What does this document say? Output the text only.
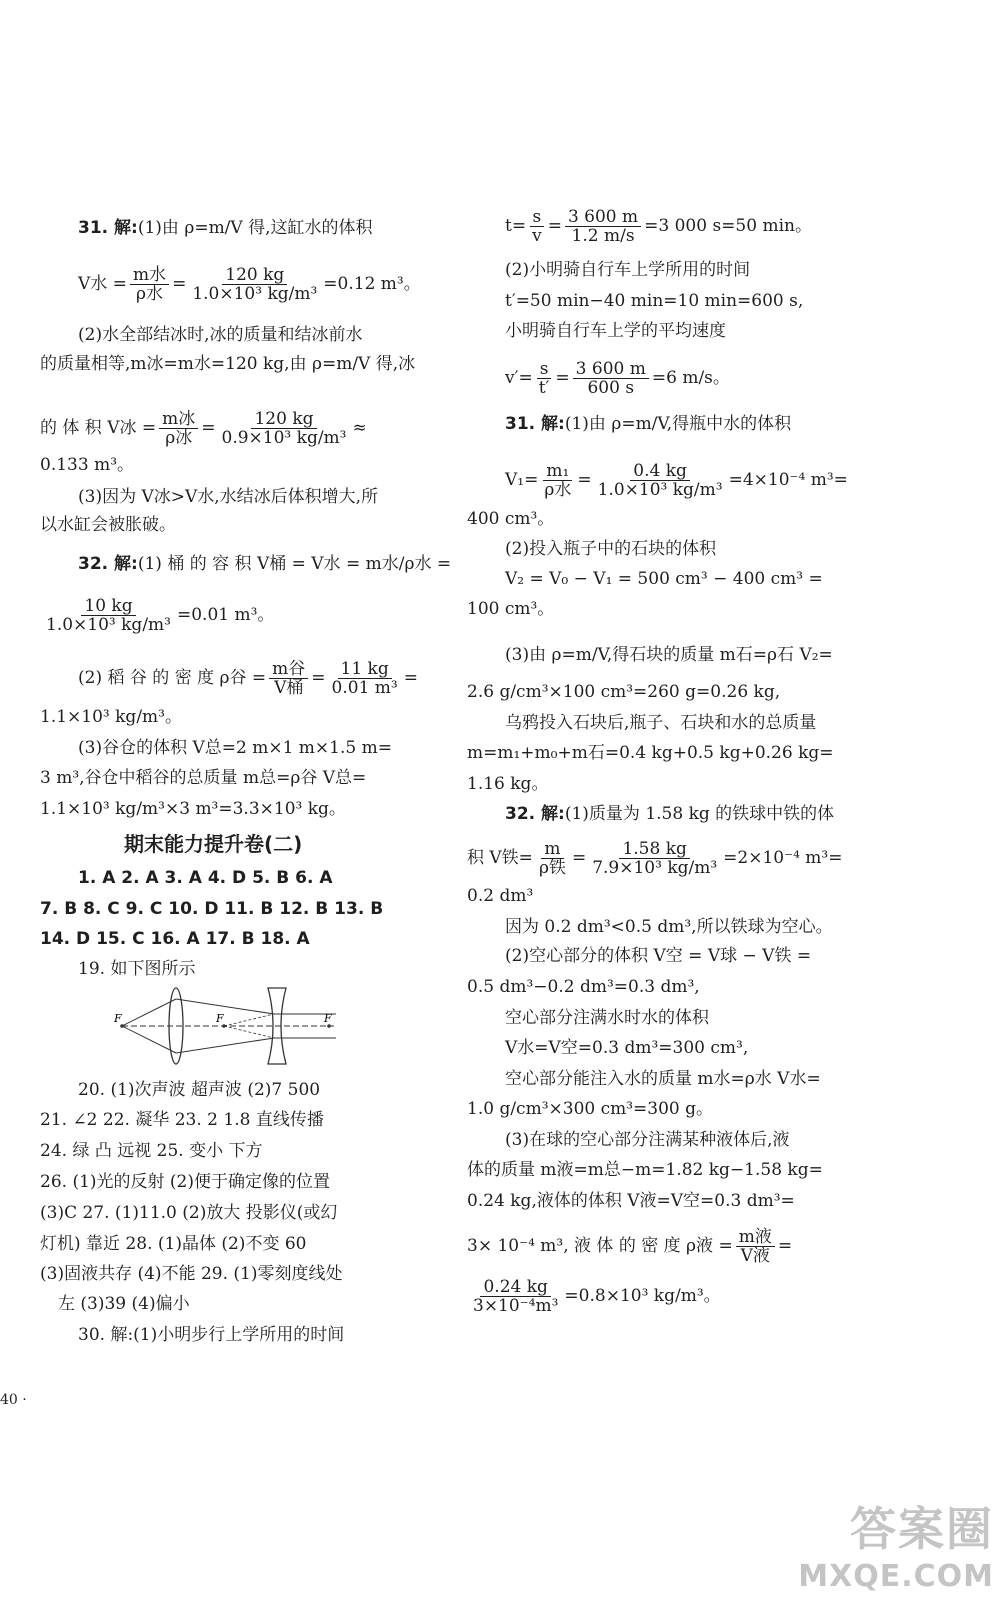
31. 解:(1)由 ρ=m/V 得,这缸水的体积
V水 = $\frac{\text{m水}}{\text{ρ水}} = \frac{120 kg}{\text{1.0×10³ kg/m³}} =0.12$ m³。
(2)水全部结冰时,冰的质量和结冰前水
的质量相等,m冰=m水=120 kg,由 ρ=m/V 得,冰
的 体 积 V冰 = $\frac{\text{m冰}}{\text{ρ冰}} = \frac{120 kg}{\text{0.9×10³ kg/m³}}$ ≈
0.133 m³。
(3)因为 V冰>V水,水结冰后体积增大,所
以水缸会被胀破。
32. 解:(1) 桶 的 容 积 V桶 = V水 = m水/ρ水 =
$\frac{10 kg}{\text{1.0×10³ kg/m³}} =0.01$ m³。
(2) 稻 谷 的 密 度 ρ谷 = $\frac{\text{m谷}}{\text{V桶}} = \frac{11 kg}{\text{0.01 m³}}$ =
1.1×10³ kg/m³。
(3)谷仓的体积 V总=2 m×1 m×1.5 m=
3 m³,谷仓中稻谷的总质量 m总=ρ谷 V总=
1.1×10³ kg/m³×3 m³=3.3×10³ kg。
期末能力提升卷(二)
1. A 2. A 3. A 4. D 5. B 6. A
7. B 8. C 9. C 10. D 11. B 12. B 13. B
14. D 15. C 16. A 17. B 18. A
19. 如下图所示
F	F	F
20. (1)次声波 超声波 (2)7 500
21. ∠2 22. 凝华 23. 2 1.8 直线传播
24. 绿 凸 远视 25. 变小 下方
26. (1)光的反射 (2)便于确定像的位置
(3)C 27. (1)11.0 (2)放大 投影仪(或幻
灯机) 靠近 28. (1)晶体 (2)不变 60
(3)固液共存 (4)不能 29. (1)零刻度线处
左 (3)39 (4)偏小
30. 解:(1)小明步行上学所用的时间
$t= \frac{s}{v} = \frac{3 600 m}{1.2 m/s} =3$ 000 s=50 min。
(2)小明骑自行车上学所用的时间
t′=50 min−40 min=10 min=600 s,
小明骑自行车上学的平均速度
$v'= \frac{s}{t'} = \frac{3 600 m}{600 s} =6$ m/s。
31. 解:(1)由 ρ=m/V,得瓶中水的体积
$V_1= \frac{\text{m₁}}{\text{ρ水}} = \frac{0.4 kg}{\text{1.0×10³ kg/m³}} =4\times 10^{-4}$ m³=
400 cm³。
(2)投入瓶子中的石块的体积
V₂ = V₀ − V₁ = 500 cm³ − 400 cm³ =
100 cm³。
(3)由 ρ=m/V,得石块的质量 m石=ρ石 V₂=
2.6 g/cm³×100 cm³=260 g=0.26 kg,
乌鸦投入石块后,瓶子、石块和水的总质量
m=m₁+m₀+m石=0.4 kg+0.5 kg+0.26 kg=
1.16 kg。
32. 解:(1)质量为 1.58 kg 的铁球中铁的体
积 V铁= $\frac{m}{\text{ρ铁}} = \frac{1.58 kg}{\text{7.9×10³ kg/m³}} =2\times 10^{-4}$ m³=
0.2 dm³
因为 0.2 dm³<0.5 dm³,所以铁球为空心。
(2)空心部分的体积 V空 = V球 − V铁 =
0.5 dm³−0.2 dm³=0.3 dm³,
空心部分注满水时水的体积
V水=V空=0.3 dm³=300 cm³,
空心部分能注入水的质量 m水=ρ水 V水=
1.0 g/cm³×300 cm³=300 g。
(3)在球的空心部分注满某种液体后,液
体的质量 m液=m总−m=1.82 kg−1.58 kg=
0.24 kg,液体的体积 V液=V空=0.3 dm³=
3× 10⁻⁴ m³, 液 体 的 密 度 ρ液 = $\frac{\text{m液}}{\text{V液}}$ =
$\frac{0.24 kg}{\text{3×10⁻⁴m³}} =0.8\times 10^3$ kg/m³。
40 ·
答案圈
MXQE.COM
